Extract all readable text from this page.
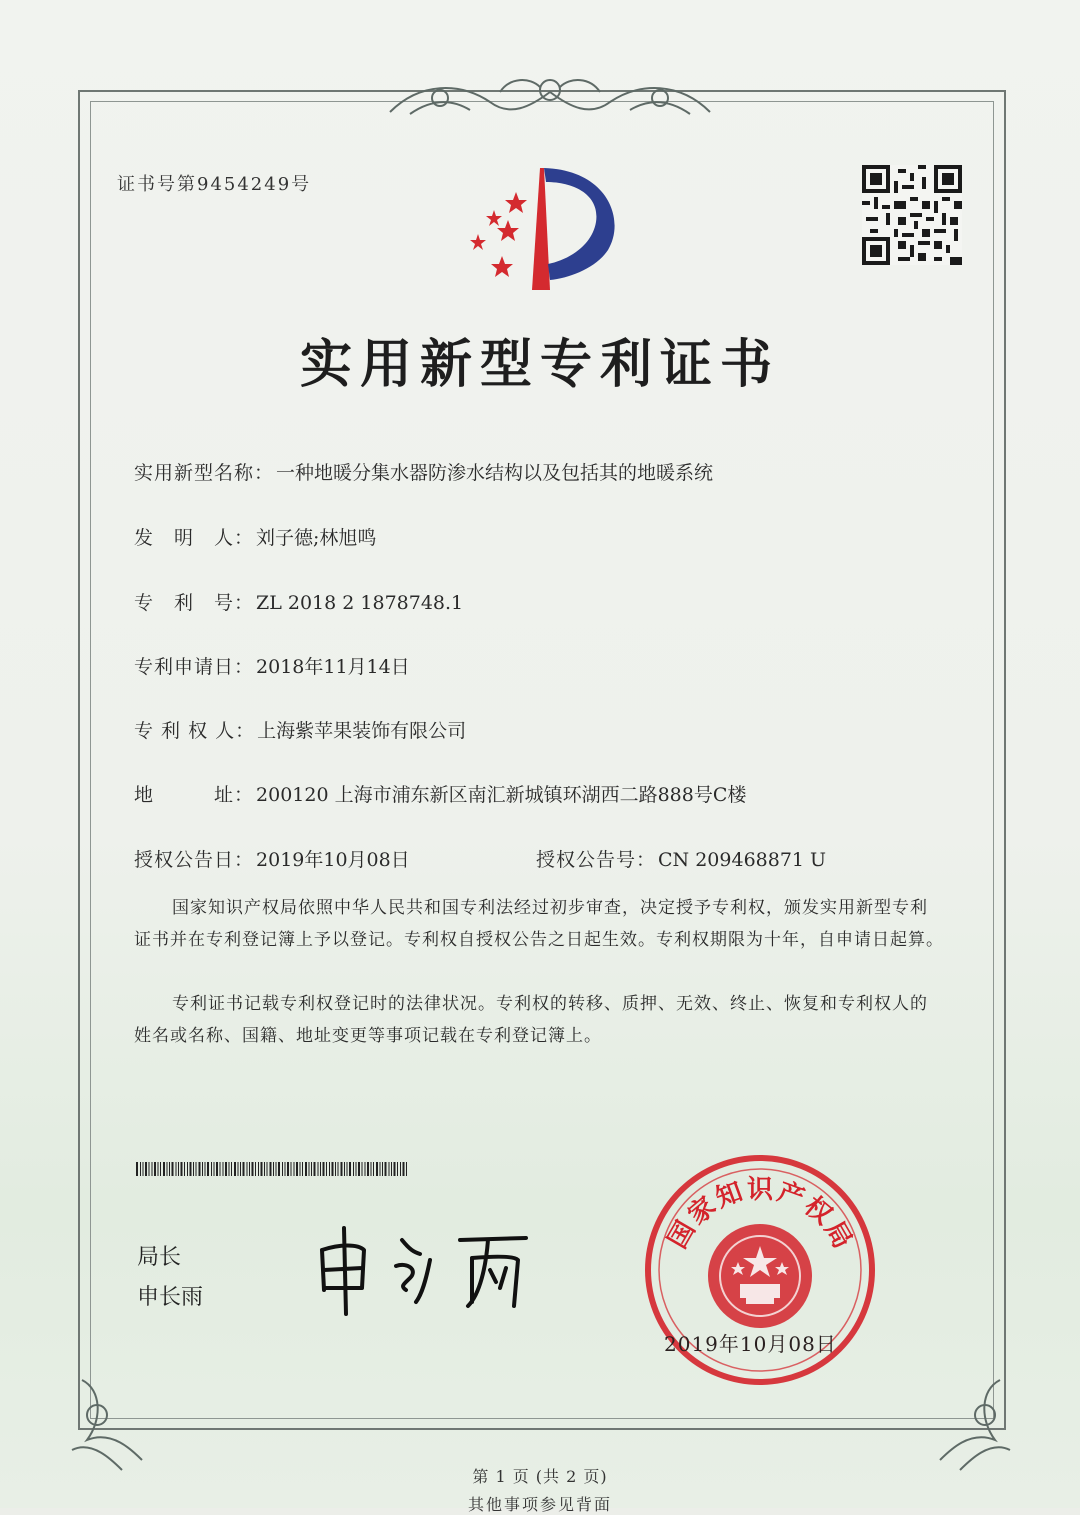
证书号第9454249号
实用新型专利证书
实用新型名称： 一种地暖分集水器防渗水结构以及包括其的地暖系统
发　明　人： 刘子德;林旭鸣
专　利　号： ZL 2018 2 1878748.1
专利申请日： 2018年11月14日
专 利 权 人： 上海紫苹果装饰有限公司
地　　　址： 200120 上海市浦东新区南汇新城镇环湖西二路888号C楼
授权公告日： 2019年10月08日	授权公告号： CN 209468871 U
国家知识产权局依照中华人民共和国专利法经过初步审查，决定授予专利权，颁发实用新型专利证书并在专利登记簿上予以登记。专利权自授权公告之日起生效。专利权期限为十年，自申请日起算。
专利证书记载专利权登记时的法律状况。专利权的转移、质押、无效、终止、恢复和专利权人的姓名或名称、国籍、地址变更等事项记载在专利登记簿上。
局长
申长雨
国
家
知 识 产
权
局
2019年10月08日
第 1 页 (共 2 页)
其他事项参见背面
